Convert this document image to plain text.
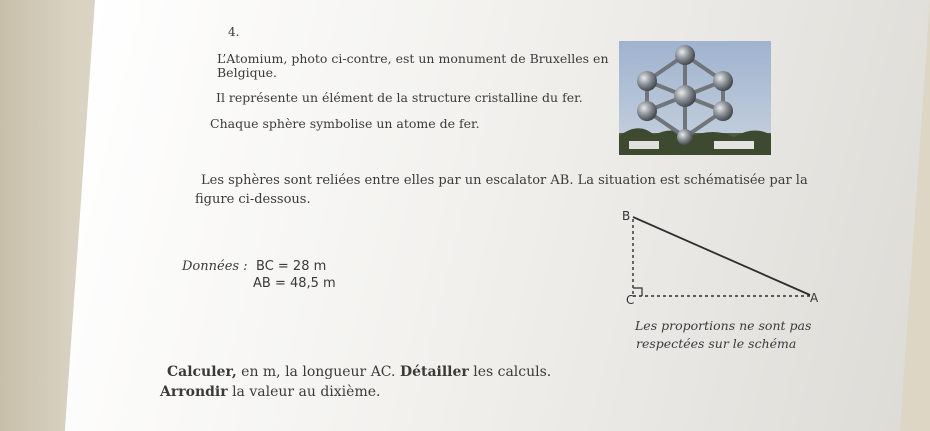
4.
L’Atomium, photo ci-contre, est un monument de Bruxelles en
Belgique.
Il représente un élément de la structure cristalline du fer.
Chaque sphère symbolise un atome de fer.
Les sphères sont reliées entre elles par un escalator AB. La situation est schématisée par la
figure ci-dessous.
Données : BC = 28 m
AB = 48,5 m
B
C	A
Les proportions ne sont pas
respectées sur le schéma
Calculer, en m, la longueur AC. Détailler les calculs.
Arrondir la valeur au dixième.
